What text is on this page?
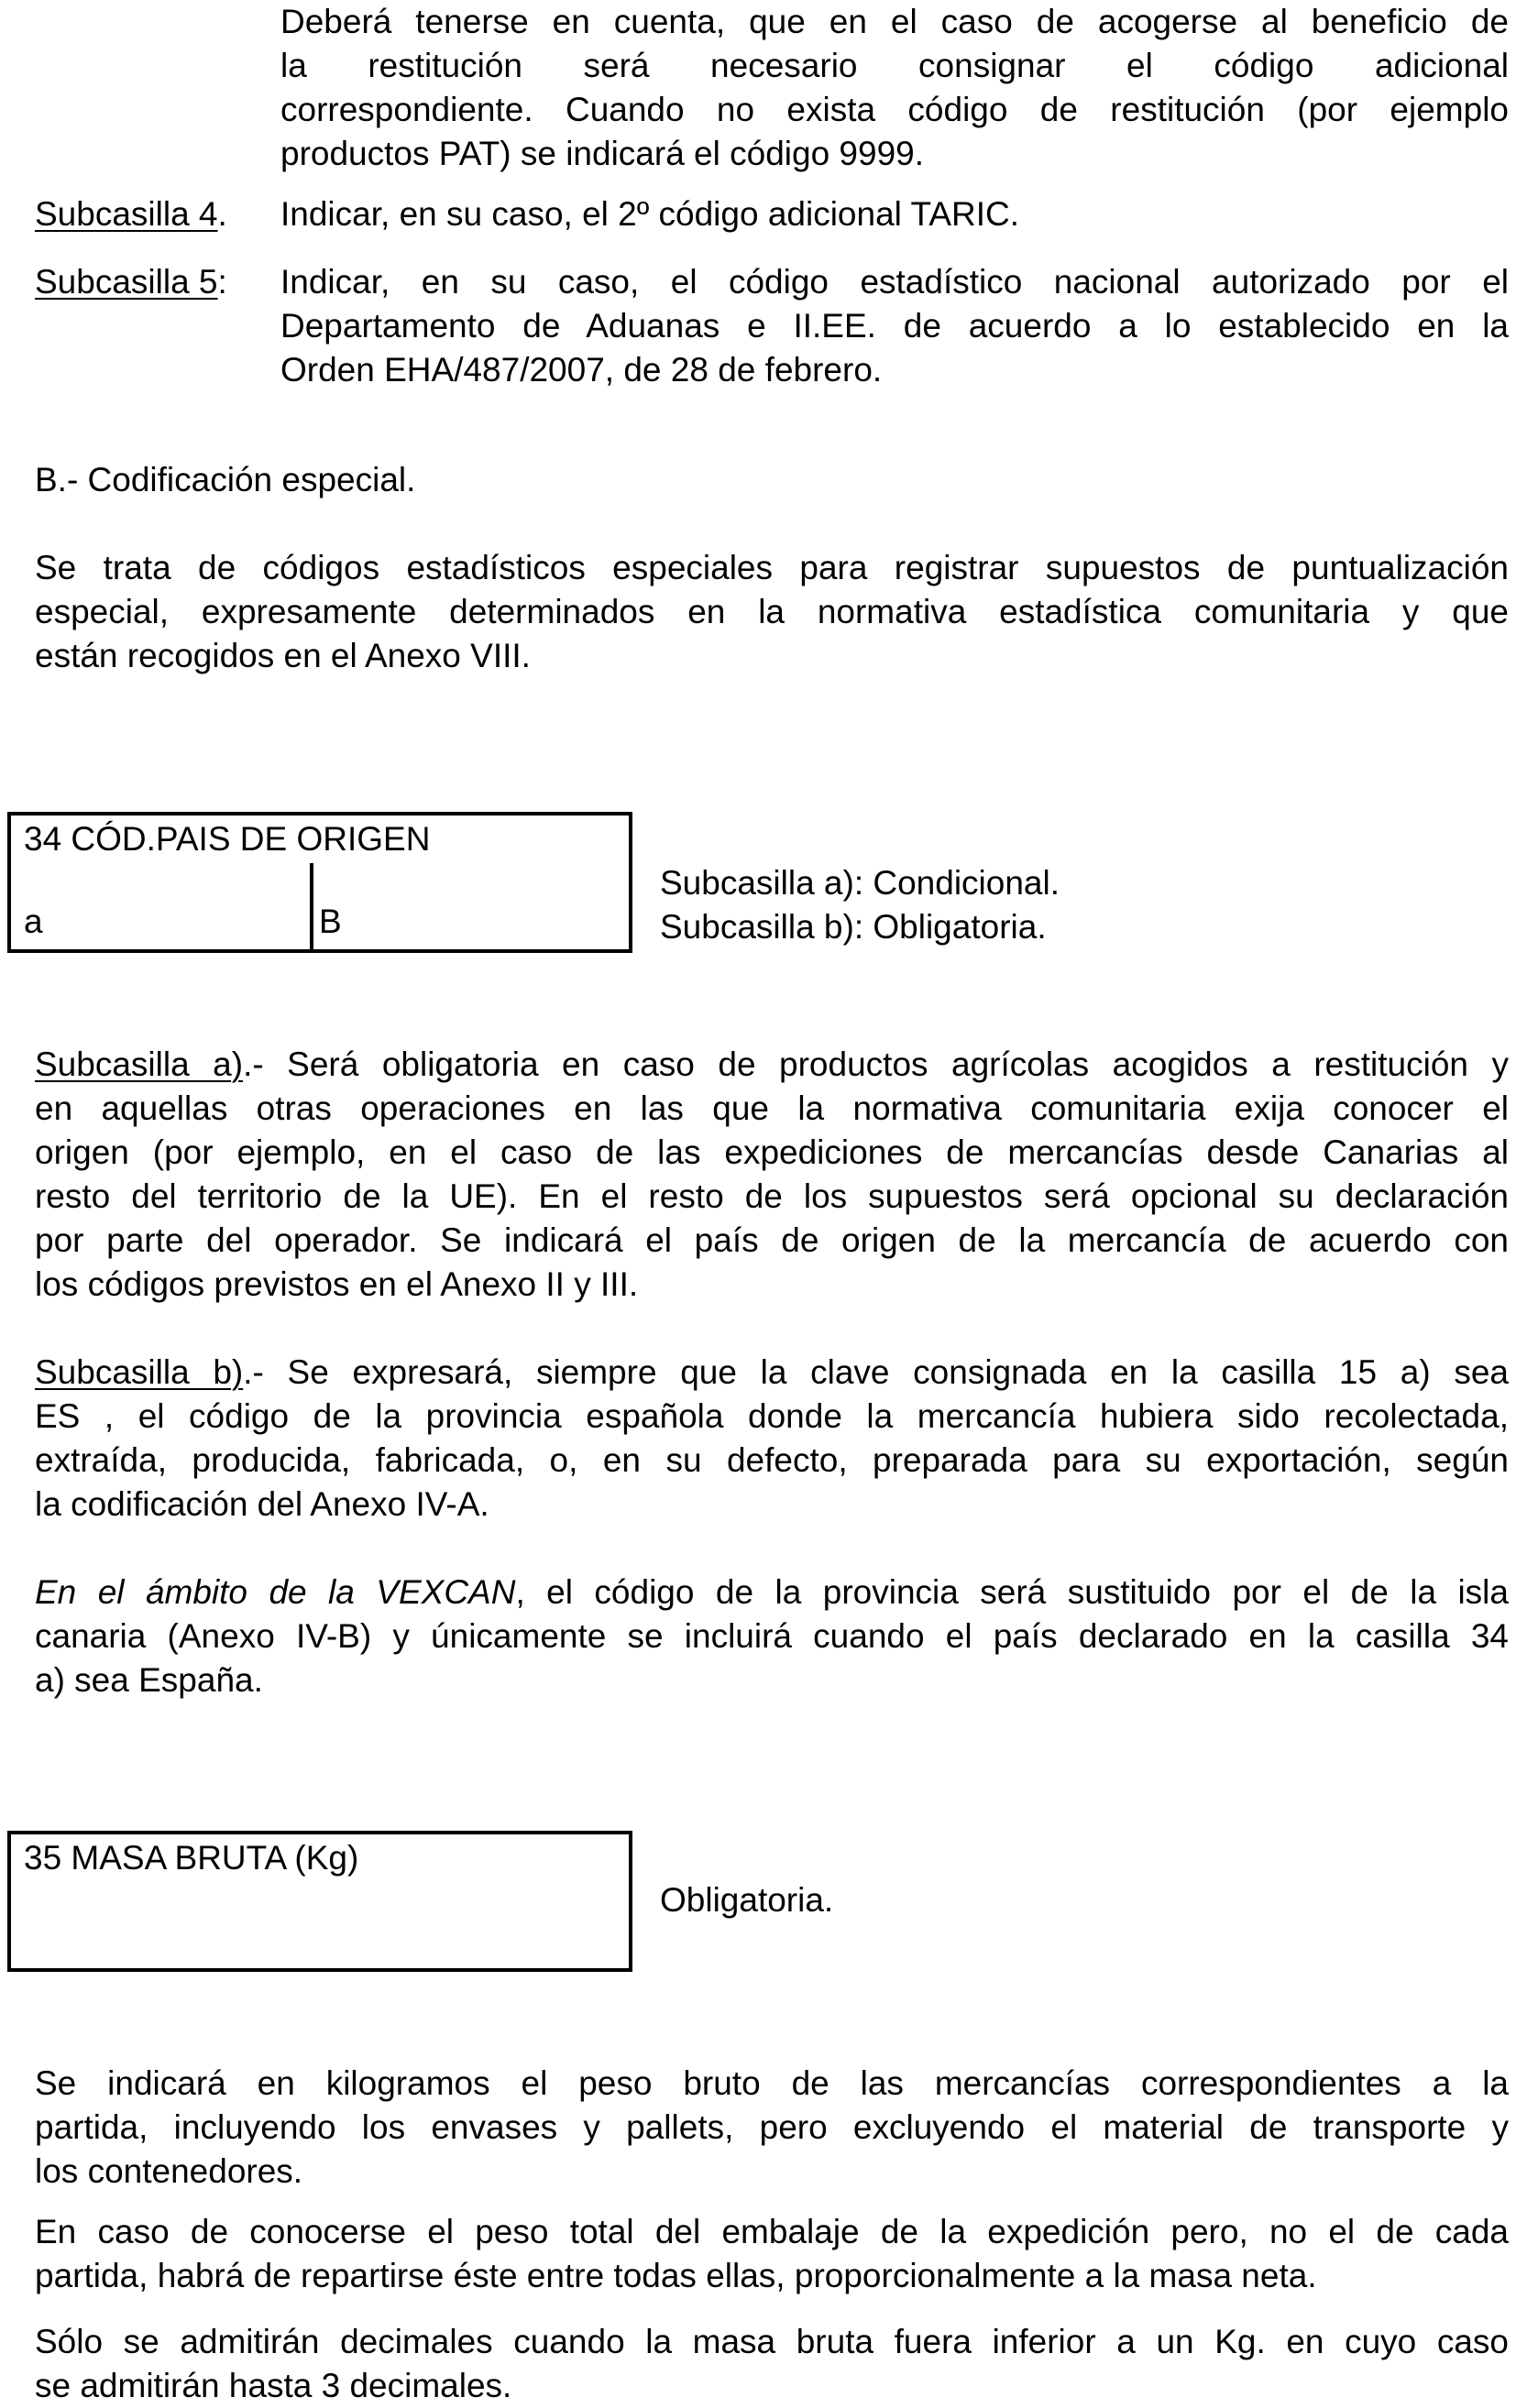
Deberá tenerse en cuenta, que en el caso de acogerse al beneficio de
la restitución será necesario consignar el código adicional
correspondiente. Cuando no exista código de restitución (por ejemplo
productos PAT) se indicará el código 9999.
Subcasilla 4. Indicar, en su caso, el 2º código adicional TARIC.
Subcasilla 5: Indicar, en su caso, el código estadístico nacional autorizado por el
Departamento de Aduanas e II.EE. de acuerdo a lo establecido en la
Orden EHA/487/2007, de 28 de febrero.
B.- Codificación especial.
Se trata de códigos estadísticos especiales para registrar supuestos de puntualización
especial, expresamente determinados en la normativa estadística comunitaria y que
están recogidos en el Anexo VIII.
34 CÓD.PAIS DE ORIGEN
a	B
Subcasilla a): Condicional.
Subcasilla b): Obligatoria.
Subcasilla a).- Será obligatoria en caso de productos agrícolas acogidos a restitución y
en aquellas otras operaciones en las que la normativa comunitaria exija conocer el
origen (por ejemplo, en el caso de las expediciones de mercancías desde Canarias al
resto del territorio de la UE). En el resto de los supuestos será opcional su declaración
por parte del operador. Se indicará el país de origen de la mercancía de acuerdo con
los códigos previstos en el Anexo II y III.
Subcasilla b).- Se expresará, siempre que la clave consignada en la casilla 15 a) sea
ES , el código de la provincia española donde la mercancía hubiera sido recolectada,
extraída, producida, fabricada, o, en su defecto, preparada para su exportación, según
la codificación del Anexo IV-A.
En el ámbito de la VEXCAN, el código de la provincia será sustituido por el de la isla
canaria (Anexo IV-B) y únicamente se incluirá cuando el país declarado en la casilla 34
a) sea España.
35 MASA BRUTA (Kg)
Obligatoria.
Se indicará en kilogramos el peso bruto de las mercancías correspondientes a la
partida, incluyendo los envases y pallets, pero excluyendo el material de transporte y
los contenedores.
En caso de conocerse el peso total del embalaje de la expedición pero, no el de cada
partida, habrá de repartirse éste entre todas ellas, proporcionalmente a la masa neta.
Sólo se admitirán decimales cuando la masa bruta fuera inferior a un Kg. en cuyo caso
se admitirán hasta 3 decimales.
